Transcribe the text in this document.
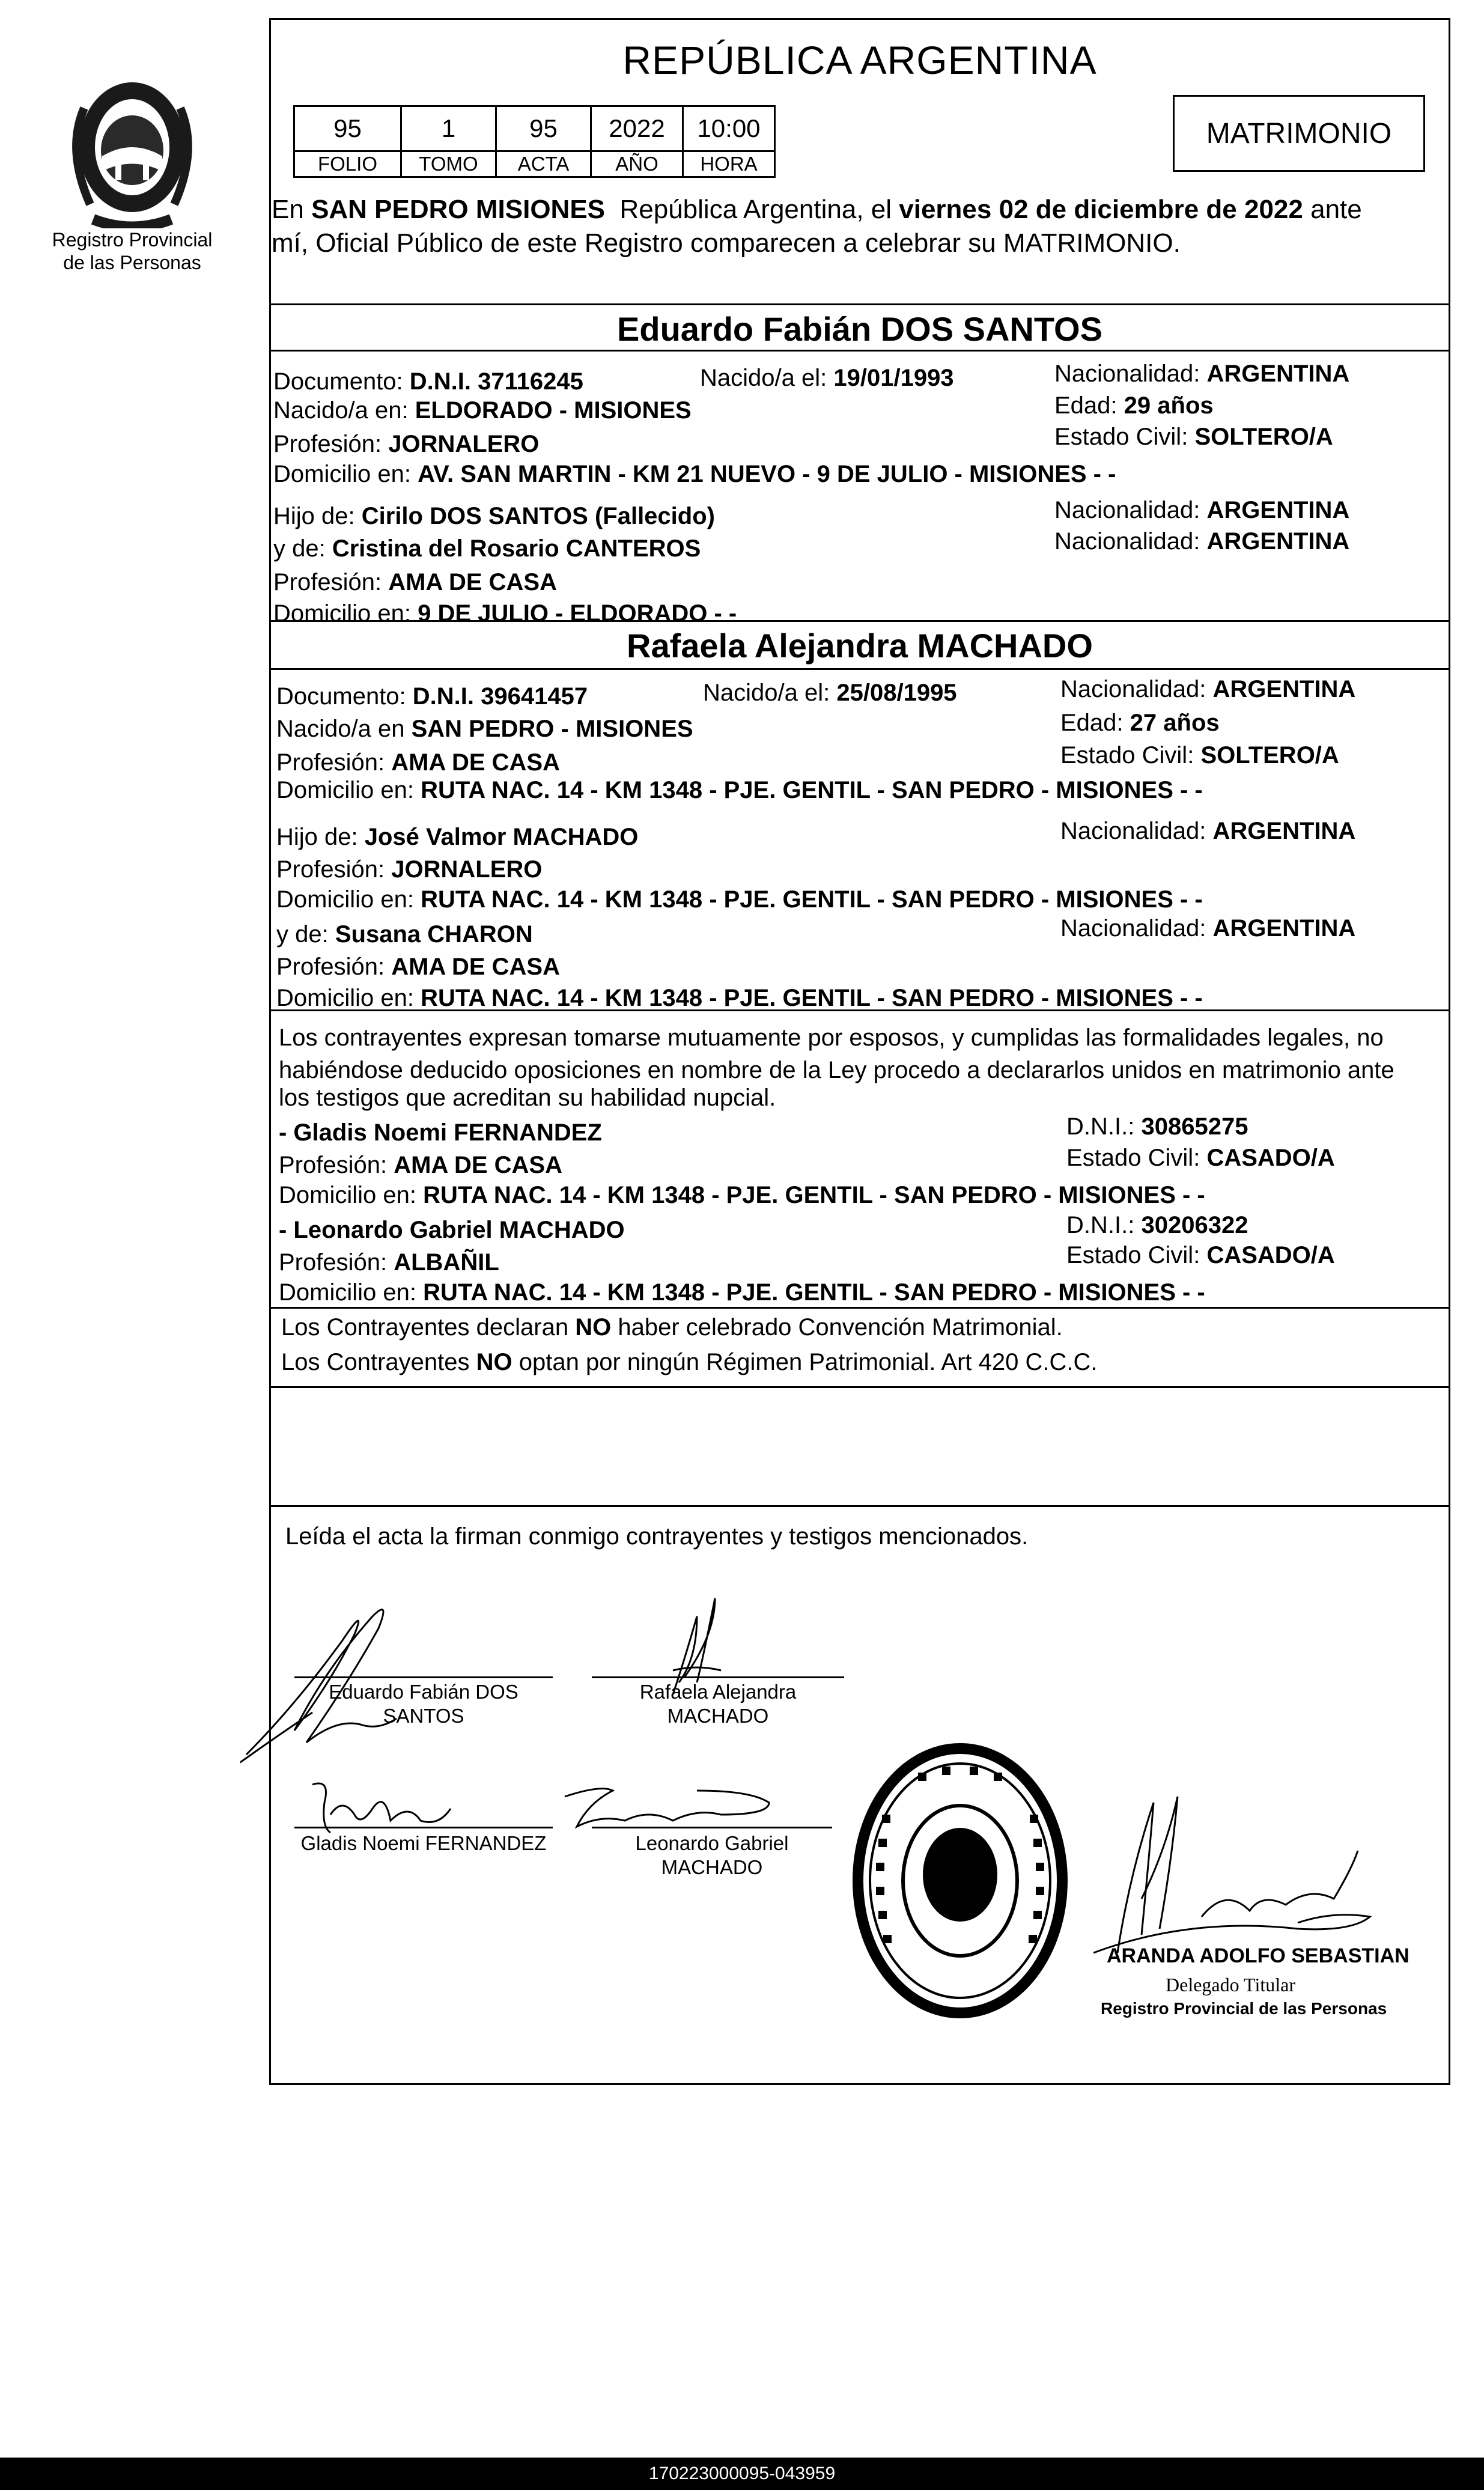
Registro Provincial
de las Personas
REPÚBLICA ARGENTINA
95	1	95	2022	10:00
FOLIO	TOMO	ACTA	AÑO	HORA
MATRIMONIO
En SAN PEDRO MISIONES República Argentina, el viernes 02 de diciembre de 2022 ante
mí, Oficial Público de este Registro comparecen a celebrar su MATRIMONIO.
Eduardo Fabián DOS SANTOS
Documento: D.N.I. 37116245	Nacido/a el: 19/01/1993	Nacionalidad: ARGENTINA
Nacido/a en: ELDORADO - MISIONES	Edad: 29 años
Profesión: JORNALERO	Estado Civil: SOLTERO/A
Domicilio en: AV. SAN MARTIN - KM 21 NUEVO - 9 DE JULIO - MISIONES - -
Hijo de: Cirilo DOS SANTOS (Fallecido)	Nacionalidad: ARGENTINA
y de: Cristina del Rosario CANTEROS	Nacionalidad: ARGENTINA
Profesión: AMA DE CASA
Domicilio en: 9 DE JULIO - ELDORADO - -
Rafaela Alejandra MACHADO
Documento: D.N.I. 39641457	Nacido/a el: 25/08/1995	Nacionalidad: ARGENTINA
Nacido/a en SAN PEDRO - MISIONES	Edad: 27 años
Profesión: AMA DE CASA	Estado Civil: SOLTERO/A
Domicilio en: RUTA NAC. 14 - KM 1348 - PJE. GENTIL - SAN PEDRO - MISIONES - -
Hijo de: José Valmor MACHADO	Nacionalidad: ARGENTINA
Profesión: JORNALERO
Domicilio en: RUTA NAC. 14 - KM 1348 - PJE. GENTIL - SAN PEDRO - MISIONES - -
y de: Susana CHARON	Nacionalidad: ARGENTINA
Profesión: AMA DE CASA
Domicilio en: RUTA NAC. 14 - KM 1348 - PJE. GENTIL - SAN PEDRO - MISIONES - -
Los contrayentes expresan tomarse mutuamente por esposos, y cumplidas las formalidades legales, no
habiéndose deducido oposiciones en nombre de la Ley procedo a declararlos unidos en matrimonio ante
los testigos que acreditan su habilidad nupcial.
- Gladis Noemi FERNANDEZ	D.N.I.: 30865275
Profesión: AMA DE CASA	Estado Civil: CASADO/A
Domicilio en: RUTA NAC. 14 - KM 1348 - PJE. GENTIL - SAN PEDRO - MISIONES - -
- Leonardo Gabriel MACHADO	D.N.I.: 30206322
Profesión: ALBAÑIL	Estado Civil: CASADO/A
Domicilio en: RUTA NAC. 14 - KM 1348 - PJE. GENTIL - SAN PEDRO - MISIONES - -
Los Contrayentes declaran NO haber celebrado Convención Matrimonial.
Los Contrayentes NO optan por ningún Régimen Patrimonial. Art 420 C.C.C.
Leída el acta la firman conmigo contrayentes y testigos mencionados.
Eduardo Fabián DOS
SANTOS
Rafaela Alejandra
MACHADO
Gladis Noemi FERNANDEZ	Leonardo Gabriel
MACHADO
ARANDA ADOLFO SEBASTIAN
Delegado Titular
Registro Provincial de las Personas
170223000095-043959
